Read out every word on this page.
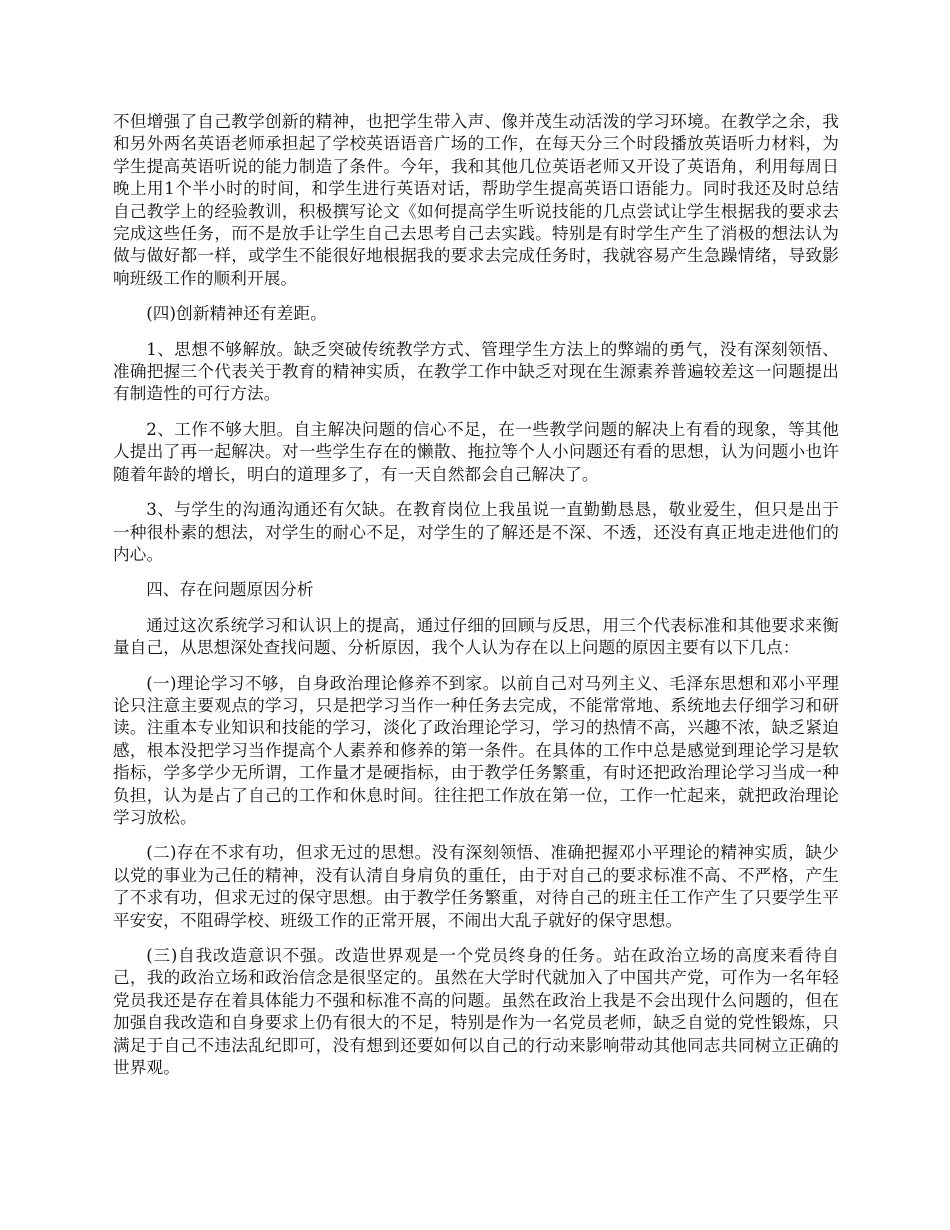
不但增强了自己教学创新的精神，也把学生带入声、像并茂生动活泼的学习环境。在教学之余，我和另外两名英语老师承担起了学校英语语音广场的工作，在每天分三个时段播放英语听力材料，为学生提高英语听说的能力制造了条件。今年，我和其他几位英语老师又开设了英语角，利用每周日晚上用1个半小时的时间，和学生进行英语对话，帮助学生提高英语口语能力。同时我还及时总结自己教学上的经验教训，积极撰写论文《如何提高学生听说技能的几点尝试让学生根据我的要求去完成这些任务，而不是放手让学生自己去思考自己去实践。特别是有时学生产生了消极的想法认为做与做好都一样，或学生不能很好地根据我的要求去完成任务时，我就容易产生急躁情绪，导致影响班级工作的顺利开展。

(四)创新精神还有差距。

1、思想不够解放。缺乏突破传统教学方式、管理学生方法上的弊端的勇气，没有深刻领悟、准确把握三个代表关于教育的精神实质，在教学工作中缺乏对现在生源素养普遍较差这一问题提出有制造性的可行方法。

2、工作不够大胆。自主解决问题的信心不足，在一些教学问题的解决上有看的现象，等其他人提出了再一起解决。对一些学生存在的懒散、拖拉等个人小问题还有看的思想，认为问题小也许随着年龄的增长，明白的道理多了，有一天自然都会自己解决了。

3、与学生的沟通沟通还有欠缺。在教育岗位上我虽说一直勤勤恳恳，敬业爱生，但只是出于一种很朴素的想法，对学生的耐心不足，对学生的了解还是不深、不透，还没有真正地走进他们的内心。

四、存在问题原因分析

通过这次系统学习和认识上的提高，通过仔细的回顾与反思，用三个代表标准和其他要求来衡量自己，从思想深处查找问题、分析原因，我个人认为存在以上问题的原因主要有以下几点：

(一)理论学习不够，自身政治理论修养不到家。以前自己对马列主义、毛泽东思想和邓小平理论只注意主要观点的学习，只是把学习当作一种任务去完成，不能常常地、系统地去仔细学习和研读。注重本专业知识和技能的学习，淡化了政治理论学习，学习的热情不高，兴趣不浓，缺乏紧迫感，根本没把学习当作提高个人素养和修养的第一条件。在具体的工作中总是感觉到理论学习是软指标，学多学少无所谓，工作量才是硬指标，由于教学任务繁重，有时还把政治理论学习当成一种负担，认为是占了自己的工作和休息时间。往往把工作放在第一位，工作一忙起来，就把政治理论学习放松。

(二)存在不求有功，但求无过的思想。没有深刻领悟、准确把握邓小平理论的精神实质，缺少以党的事业为己任的精神，没有认清自身肩负的重任，由于对自己的要求标准不高、不严格，产生了不求有功，但求无过的保守思想。由于教学任务繁重，对待自己的班主任工作产生了只要学生平平安安，不阻碍学校、班级工作的正常开展，不闹出大乱子就好的保守思想。

(三)自我改造意识不强。改造世界观是一个党员终身的任务。站在政治立场的高度来看待自己，我的政治立场和政治信念是很坚定的。虽然在大学时代就加入了中国共产党，可作为一名年轻党员我还是存在着具体能力不强和标准不高的问题。虽然在政治上我是不会出现什么问题的，但在加强自我改造和自身要求上仍有很大的不足，特别是作为一名党员老师，缺乏自觉的党性锻炼，只满足于自己不违法乱纪即可，没有想到还要如何以自己的行动来影响带动其他同志共同树立正确的世界观。
